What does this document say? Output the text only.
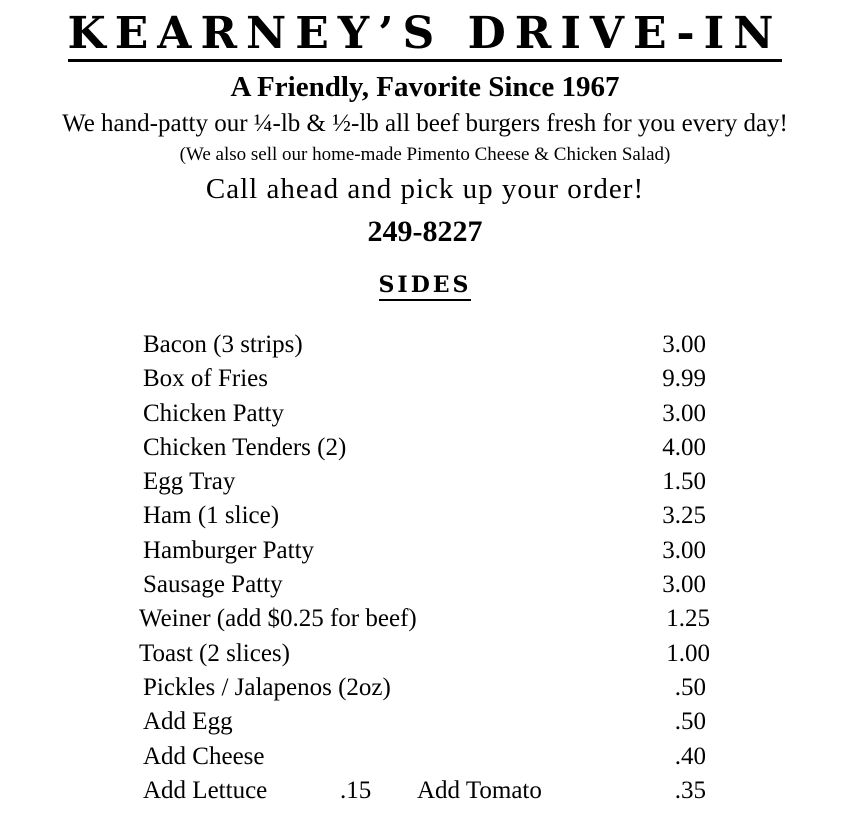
KEARNEY’S DRIVE-IN
A Friendly, Favorite Since 1967
We hand-patty our ¼-lb & ½-lb all beef burgers fresh for you every day!
(We also sell our home-made Pimento Cheese & Chicken Salad)
Call ahead and pick up your order!
249-8227
SIDES
Bacon (3 strips)	3.00
Box of Fries	9.99
Chicken Patty	3.00
Chicken Tenders (2)	4.00
Egg Tray	1.50
Ham (1 slice)	3.25
Hamburger Patty	3.00
Sausage Patty	3.00
Weiner (add $0.25 for beef)	1.25
Toast (2 slices)	1.00
Pickles / Jalapenos (2oz)	.50
Add Egg	.50
Add Cheese	.40
Add Lettuce	.15 Add Tomato	.35
